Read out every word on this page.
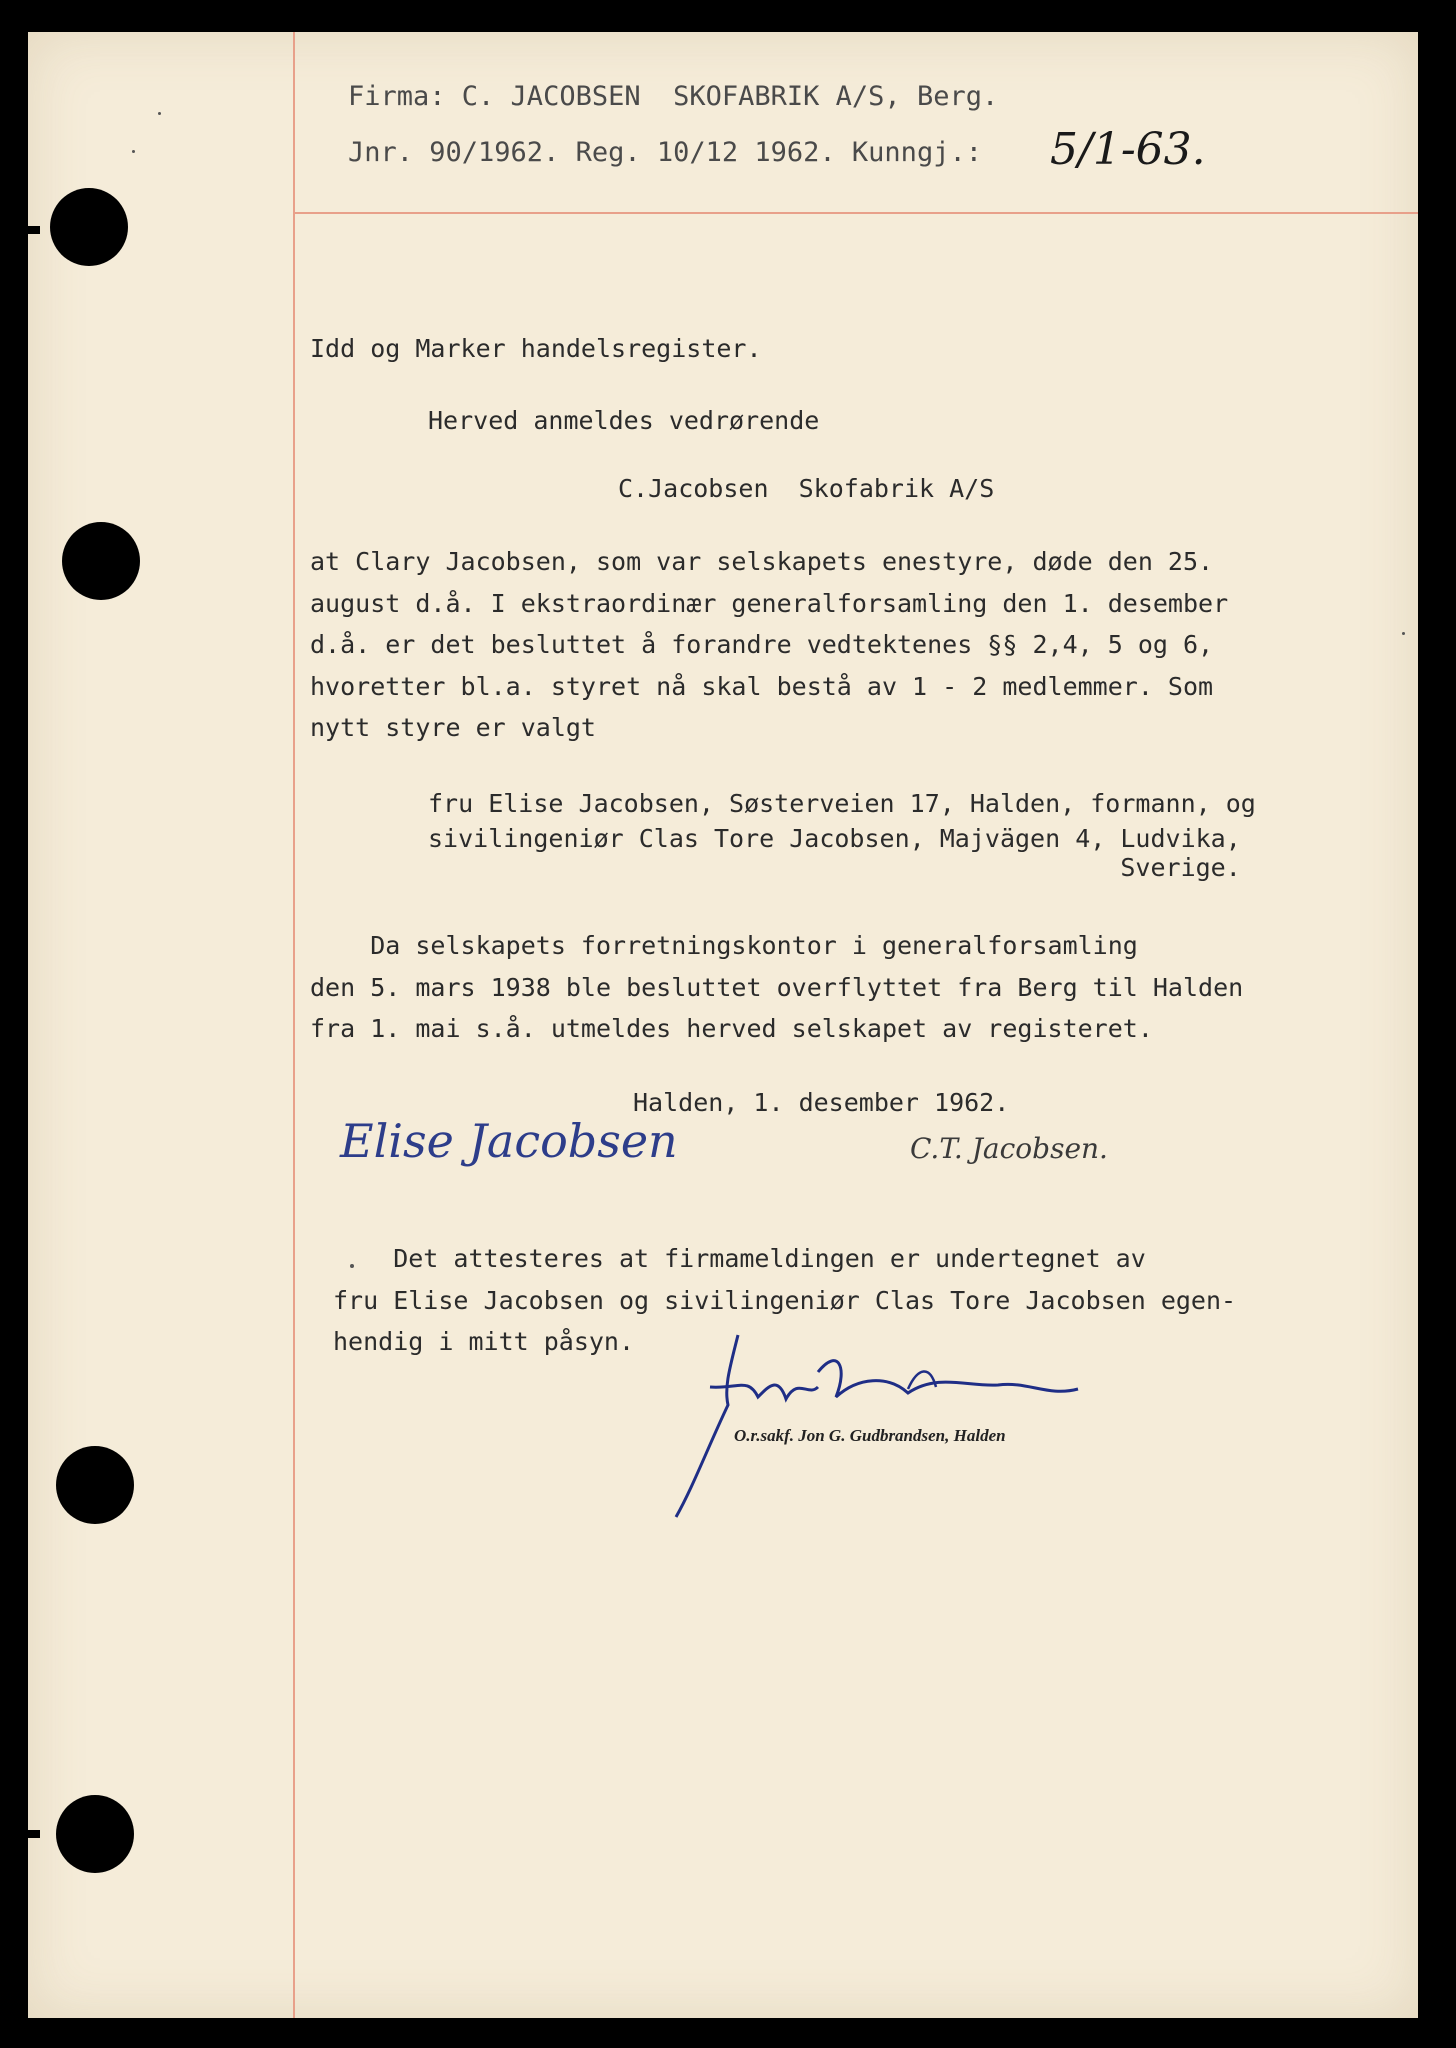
Firma: C. JACOBSEN  SKOFABRIK A/S, Berg.

Jnr. 90/1962. Reg. 10/12 1962. Kunngj.: 5/1-63.

Idd og Marker handelsregister.

Herved anmeldes vedrørende

C.Jacobsen  Skofabrik A/S

at Clary Jacobsen, som var selskapets enestyre, døde den 25.

august d.å. I ekstraordinær generalforsamling den 1. desember

d.å. er det besluttet å forandre vedtektenes §§ 2,4, 5 og 6,

hvoretter bl.a. styret nå skal bestå av 1 - 2 medlemmer. Som

nytt styre er valgt

fru Elise Jacobsen, Søsterveien 17, Halden, formann, og

sivilingeniør Clas Tore Jacobsen, Majvägen 4, Ludvika,

Sverige.

Da selskapets forretningskontor i generalforsamling

den 5. mars 1938 ble besluttet overflyttet fra Berg til Halden

fra 1. mai s.å. utmeldes herved selskapet av registeret.

Halden, 1. desember 1962.

Elise Jacobsen	C.T. Jacobsen.

Det attesteres at firmameldingen er undertegnet av

fru Elise Jacobsen og sivilingeniør Clas Tore Jacobsen egen-

hendig i mitt påsyn.

O.r.sakf. Jon G. Gudbrandsen, Halden
